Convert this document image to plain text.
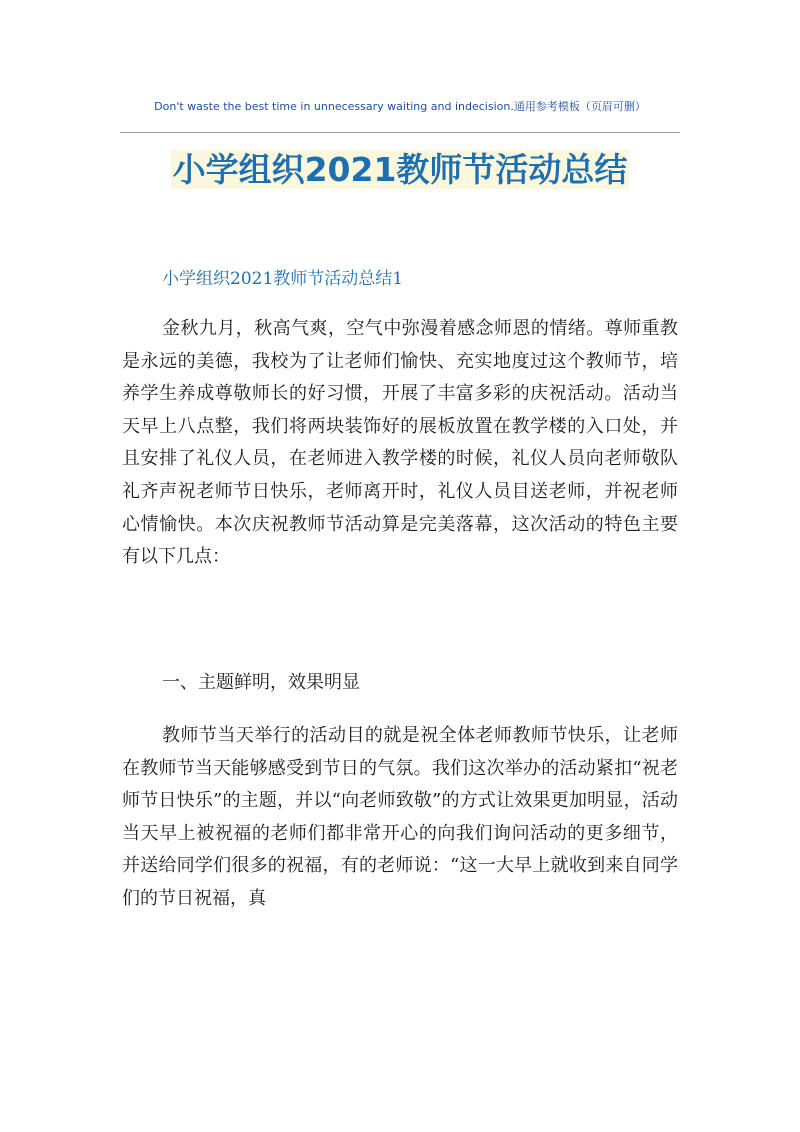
Don't waste the best time in unnecessary waiting and indecision.通用参考模板（页眉可删）
小学组织2021教师节活动总结
小学组织2021教师节活动总结1

金秋九月，秋高气爽，空气中弥漫着感念师恩的情绪。尊师重教是永远的美德，我校为了让老师们愉快、充实地度过这个教师节，培养学生养成尊敬师长的好习惯，开展了丰富多彩的庆祝活动。活动当天早上八点整，我们将两块装饰好的展板放置在教学楼的入口处，并且安排了礼仪人员，在老师进入教学楼的时候，礼仪人员向老师敬队礼齐声祝老师节日快乐，老师离开时，礼仪人员目送老师，并祝老师心情愉快。本次庆祝教师节活动算是完美落幕，这次活动的特色主要有以下几点：

一、主题鲜明，效果明显

教师节当天举行的活动目的就是祝全体老师教师节快乐，让老师在教师节当天能够感受到节日的气氛。我们这次举办的活动紧扣“祝老师节日快乐”的主题，并以“向老师致敬”的方式让效果更加明显，活动当天早上被祝福的老师们都非常开心的向我们询问活动的更多细节，并送给同学们很多的祝福，有的老师说：“这一大早上就收到来自同学们的节日祝福，真
